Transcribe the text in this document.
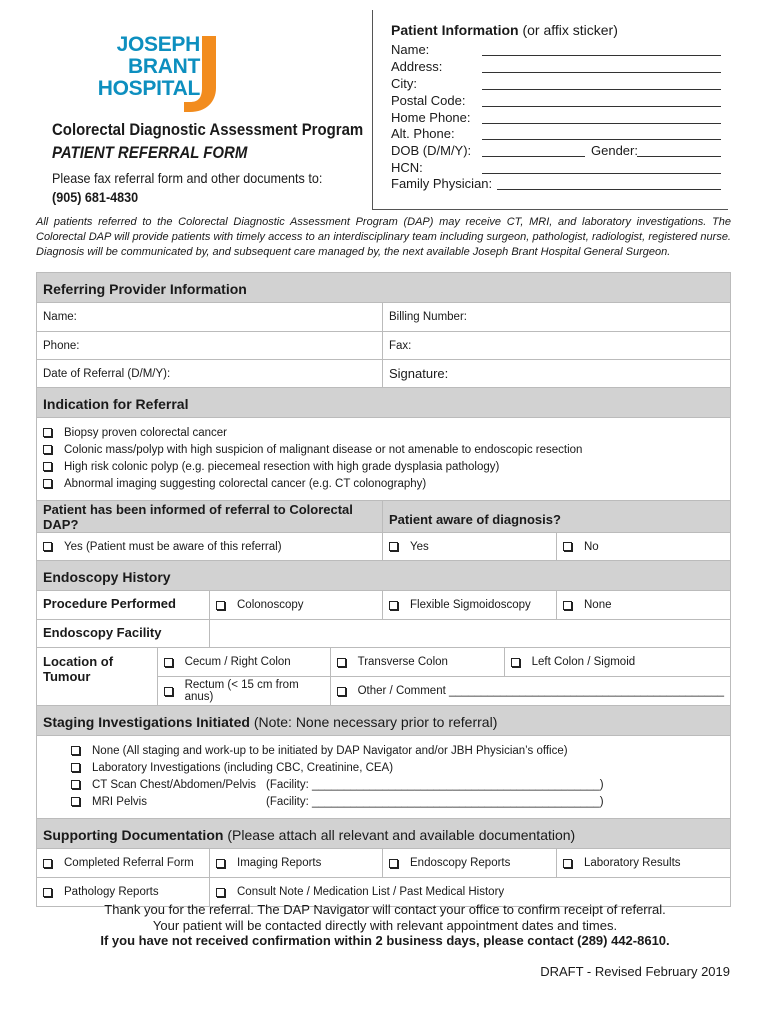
JOSEPH BRANT
HOSPITAL
Colorectal Diagnostic Assessment Program
PATIENT REFERRAL FORM
Please fax referral form and other documents to:
(905) 681-4830
Patient Information (or affix sticker)
Name:
Address:
City:
Postal Code:
Home Phone:
Alt. Phone:
DOB (D/M/Y):	Gender:
HCN:
Family Physician:
All patients referred to the Colorectal Diagnostic Assessment Program (DAP) may receive CT, MRI, and laboratory investigations. The Colorectal DAP will provide patients with timely access to an interdisciplinary team including surgeon, pathologist, radiologist, registered nurse. Diagnosis will be communicated by, and subsequent care managed by, the next available Joseph Brant Hospital General Surgeon.
Referring Provider Information
Name:	Billing Number:
Phone:	Fax:
Date of Referral (D/M/Y):	Signature:
Indication for Referral
Biopsy proven colorectal cancer
Colonic mass/polyp with high suspicion of malignant disease or not amenable to endoscopic resection
High risk colonic polyp (e.g. piecemeal resection with high grade dysplasia pathology)
Abnormal imaging suggesting colorectal cancer (e.g. CT colonography)
Patient has been informed of referral to Colorectal DAP?	Patient aware of diagnosis?
Yes (Patient must be aware of this referral)	Yes	No
Endoscopy History
Procedure Performed	Colonoscopy	Flexible Sigmoidoscopy	None
Endoscopy Facility
Location of Tumour
Cecum / Right Colon	Transverse Colon	Left Colon / Sigmoid
Rectum (< 15 cm from anus)	Other / Comment ___________________________________________
Staging Investigations Initiated (Note: None necessary prior to referral)
None (All staging and work-up to be initiated by DAP Navigator and/or JBH Physician’s office)
Laboratory Investigations (including CBC, Creatinine, CEA)
CT Scan Chest/Abdomen/Pelvis (Facility: _____________________________________________)
MRI Pelvis	(Facility: _____________________________________________)
Supporting Documentation (Please attach all relevant and available documentation)
Completed Referral Form	Imaging Reports	Endoscopy Reports	Laboratory Results
Pathology Reports	Consult Note / Medication List / Past Medical History
Thank you for the referral. The DAP Navigator will contact your office to confirm receipt of referral.
Your patient will be contacted directly with relevant appointment dates and times.
If you have not received confirmation within 2 business days, please contact (289) 442-8610.
DRAFT - Revised February 2019
